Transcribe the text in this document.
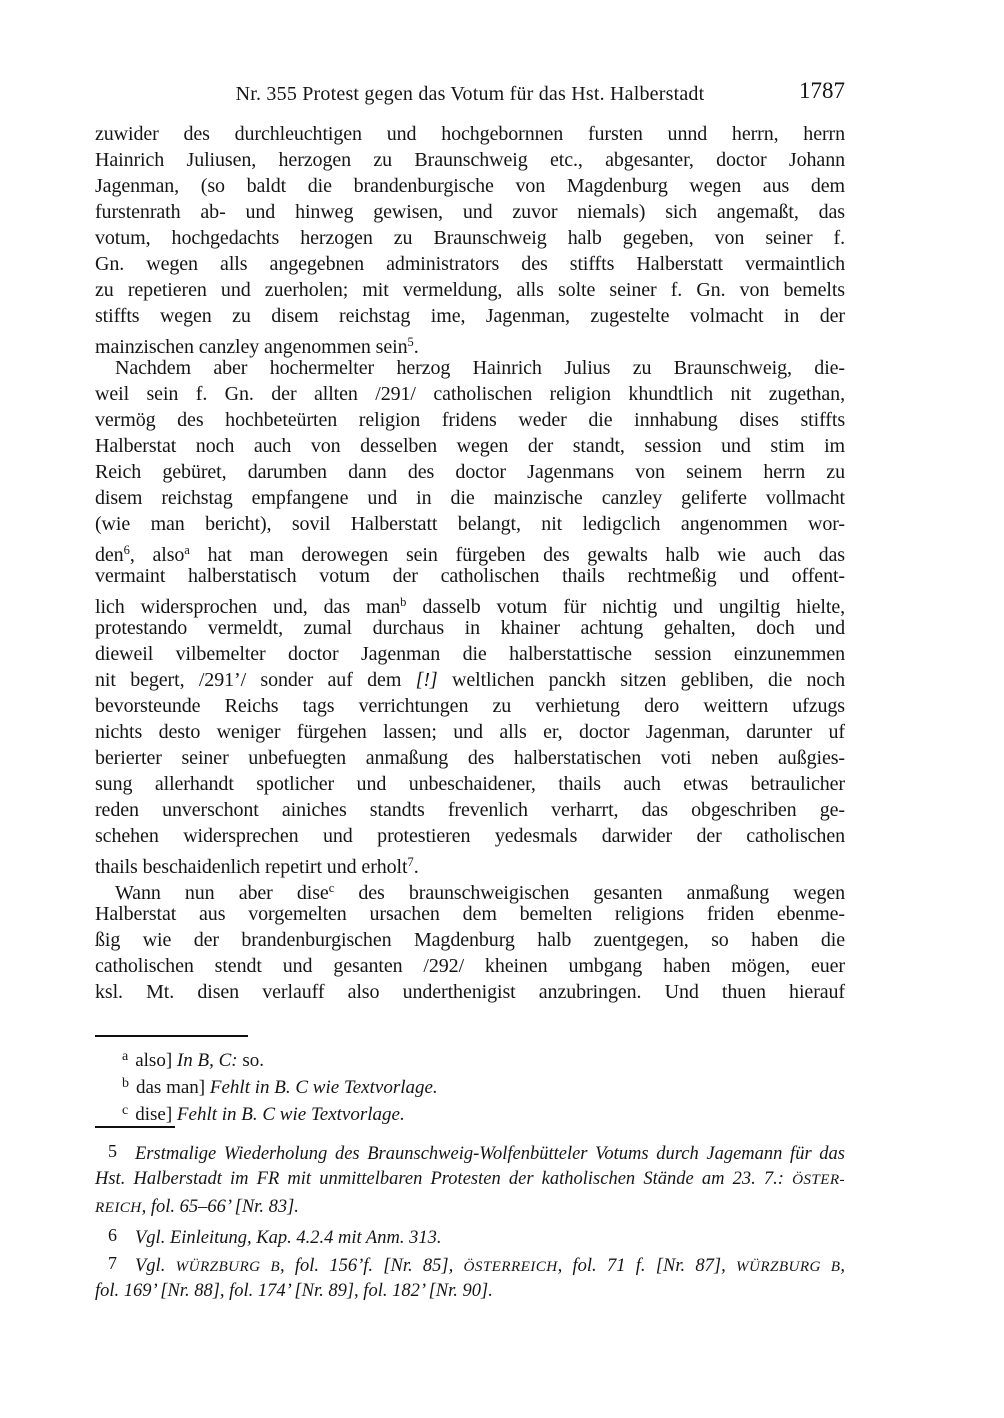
Nr. 355 Protest gegen das Votum für das Hst. Halberstadt	1787
zuwider des durchleuchtigen und hochgebornnen fursten unnd herrn, herrn
Hainrich Juliusen, herzogen zu Braunschweig etc., abgesanter, doctor Johann
Jagenman, (so baldt die brandenburgische von Magdenburg wegen aus dem
furstenrath ab- und hinweg gewisen, und zuvor niemals) sich angemaßt, das
votum, hochgedachts herzogen zu Braunschweig halb gegeben, von seiner f.
Gn. wegen alls angegebnen administrators des stiffts Halberstatt vermaintlich
zu repetieren und zuerholen; mit vermeldung, alls solte seiner f. Gn. von bemelts
stiffts wegen zu disem reichstag ime, Jagenman, zugestelte volmacht in der
mainzischen canzley angenommen sein$^5$.
Nachdem aber hochermelter herzog Hainrich Julius zu Braunschweig, die-
weil sein f. Gn. der allten /291/ catholischen religion khundtlich nit zugethan,
vermög des hochbeteürten religion fridens weder die innhabung dises stiffts
Halberstat noch auch von desselben wegen der standt, session und stim im
Reich gebüret, darumben dann des doctor Jagenmans von seinem herrn zu
disem reichstag empfangene und in die mainzische canzley geliferte vollmacht
(wie man bericht), sovil Halberstatt belangt, nit ledigclich angenommen wor-
den$^6$, also$^a$ hat man derowegen sein fürgeben des gewalts halb wie auch das
vermaint halberstatisch votum der catholischen thails rechtmeßig und offent-
lich widersprochen und, das man$^b$ dasselb votum für nichtig und ungiltig hielte,
protestando vermeldt, zumal durchaus in khainer achtung gehalten, doch und
dieweil vilbemelter doctor Jagenman die halberstattische session einzunemmen
nit begert, /291’/ sonder auf dem [!] weltlichen panckh sitzen gebliben, die noch
bevorsteunde Reichs tags verrichtungen zu verhietung dero weittern ufzugs
nichts desto weniger fürgehen lassen; und alls er, doctor Jagenman, darunter uf
berierter seiner unbefuegten anmaßung des halberstatischen voti neben außgies-
sung allerhandt spotlicher und unbeschaidener, thails auch etwas betraulicher
reden unverschont ainiches standts frevenlich verharrt, das obgeschriben ge-
schehen widersprechen und protestieren yedesmals darwider der catholischen
thails beschaidenlich repetirt und erholt$^7$.
Wann nun aber dise$^c$ des braunschweigischen gesanten anmaßung wegen
Halberstat aus vorgemelten ursachen dem bemelten religions friden ebenme-
ßig wie der brandenburgischen Magdenburg halb zuentgegen, so haben die
catholischen stendt und gesanten /292/ kheinen umbgang haben mögen, euer
ksl. Mt. disen verlauff also underthenigist anzubringen. Und thuen hierauf
$^a$ also] In B, C: so.
$^b$ das man] Fehlt in B. C wie Textvorlage.
$^c$ dise] Fehlt in B. C wie Textvorlage.
5 Erstmalige Wiederholung des Braunschweig-Wolfenbütteler Votums durch Jagemann für das
Hst. Halberstadt im FR mit unmittelbaren Protesten der katholischen Stände am 23. 7.: ÖSTER-
REICH, fol. 65–66’ [Nr. 83].
6 Vgl. Einleitung, Kap. 4.2.4 mit Anm. 313.
7 Vgl. WÜRZBURG B, fol. 156’f. [Nr. 85], ÖSTERREICH, fol. 71 f. [Nr. 87], WÜRZBURG B,
fol. 169’ [Nr. 88], fol. 174’ [Nr. 89], fol. 182’ [Nr. 90].
